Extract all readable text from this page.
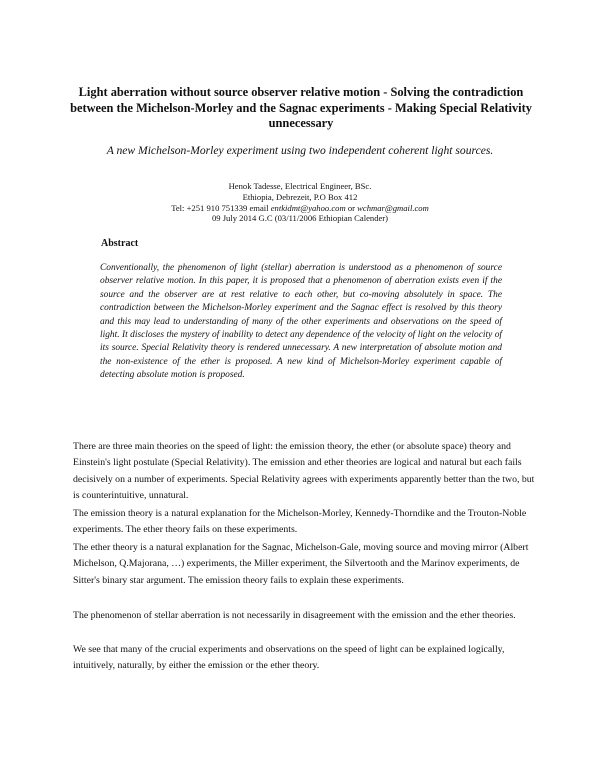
Light aberration without source observer relative motion - Solving the contradiction between the Michelson-Morley and the Sagnac experiments - Making Special Relativity unnecessary

A new Michelson-Morley experiment using two independent coherent light sources.

Henok Tadesse, Electrical Engineer, BSc.
Ethiopia, Debrezeit, P.O Box 412
Tel: +251 910 751339 email entkidmt@yahoo.com or wchmar@gmail.com
09 July 2014 G.C (03/11/2006 Ethiopian Calender)
Abstract

Conventionally, the phenomenon of light (stellar) aberration is understood as a phenomenon of source observer relative motion. In this paper, it is proposed that a phenomenon of aberration exists even if the source and the observer are at rest relative to each other, but co-moving absolutely in space. The contradiction between the Michelson-Morley experiment and the Sagnac effect is resolved by this theory and this may lead to understanding of many of the other experiments and observations on the speed of light. It discloses the mystery of inability to detect any dependence of the velocity of light on the velocity of its source. Special Relativity theory is rendered unnecessary. A new interpretation of absolute motion and the non-existence of the ether is proposed. A new kind of Michelson-Morley experiment capable of detecting absolute motion is proposed.

There are three main theories on the speed of light: the emission theory, the ether (or absolute space) theory and Einstein's light postulate (Special Relativity). The emission and ether theories are logical and natural but each fails decisively on a number of experiments. Special Relativity agrees with experiments apparently better than the two, but is counterintuitive, unnatural.

The emission theory is a natural explanation for the Michelson-Morley, Kennedy-Thorndike and the Trouton-Noble experiments. The ether theory fails on these experiments.

The ether theory is a natural explanation for the Sagnac, Michelson-Gale, moving source and moving mirror (Albert Michelson, Q.Majorana, …) experiments, the Miller experiment, the Silvertooth and the Marinov experiments, de Sitter's binary star argument. The emission theory fails to explain these experiments.

The phenomenon of stellar aberration is not necessarily in disagreement with the emission and the ether theories.

We see that many of the crucial experiments and observations on the speed of light can be explained logically, intuitively, naturally, by either the emission or the ether theory.
